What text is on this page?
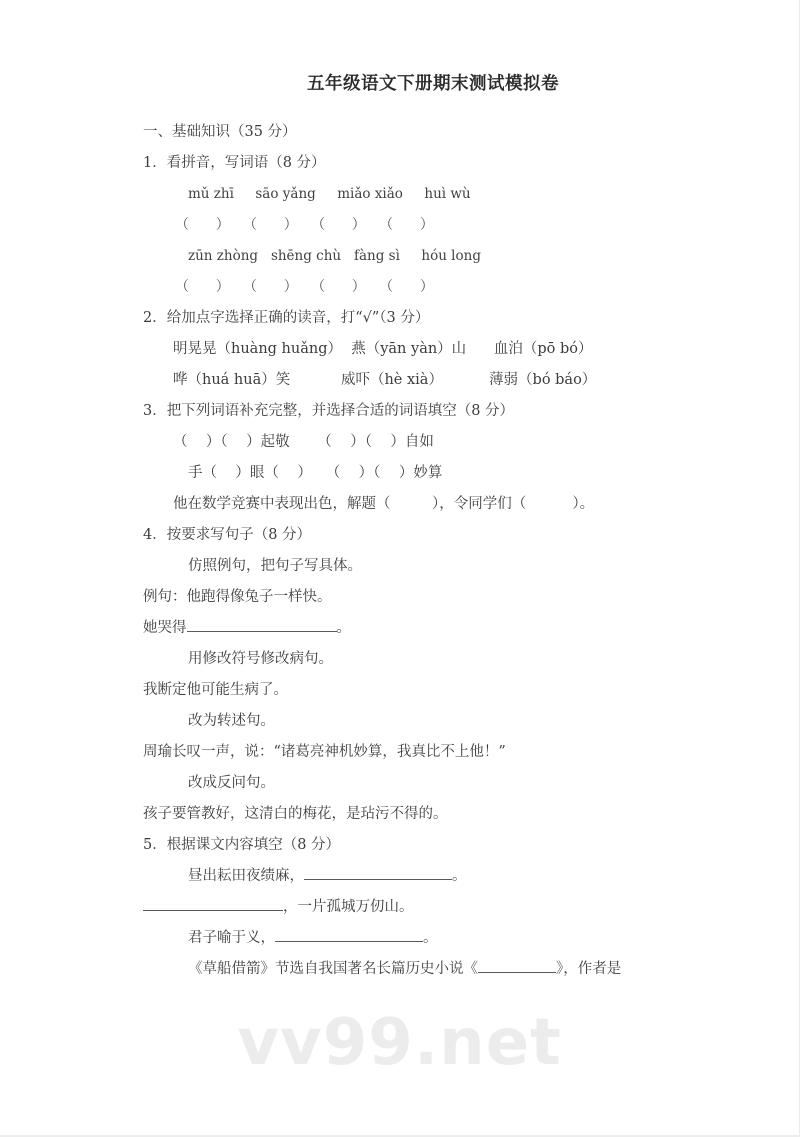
五年级语文下册期末测试模拟卷
一、基础知识（35 分）
1．看拼音，写词语（8 分）
mǔ zhī     sāo yǎng     miǎo xiǎo     huì wù
（      ）   （      ）   （      ）   （      ）
zūn zhòng   shēng chù   fàng sì     hóu long
（      ）   （      ）   （      ）   （      ）
2．给加点字选择正确的读音，打“√”（3 分）
明晃晃（huàng huǎng）  燕（yān yàn）山      血泊（pō bó）
哗（huá huā）笑           威吓（hè xià）          薄弱（bó báo）
3．把下列词语补充完整，并选择合适的词语填空（8 分）
（    ）（    ）起敬      （    ）（    ）自如
手（    ）眼（    ）   （    ）（    ）妙算
他在数学竞赛中表现出色，解题（         ），令同学们（          ）。
4．按要求写句子（8 分）
仿照例句，把句子写具体。
例句：他跑得像兔子一样快。
她哭得	。
用修改符号修改病句。
我断定他可能生病了。
改为转述句。
周瑜长叹一声，说：“诸葛亮神机妙算，我真比不上他！”
改成反问句。
孩子要管教好，这清白的梅花，是玷污不得的。
5．根据课文内容填空（8 分）
昼出耘田夜绩麻，	。
，一片孤城万仞山。
君子喻于义，	。
《草船借箭》节选自我国著名长篇历史小说《	》，作者是
vv99.net
